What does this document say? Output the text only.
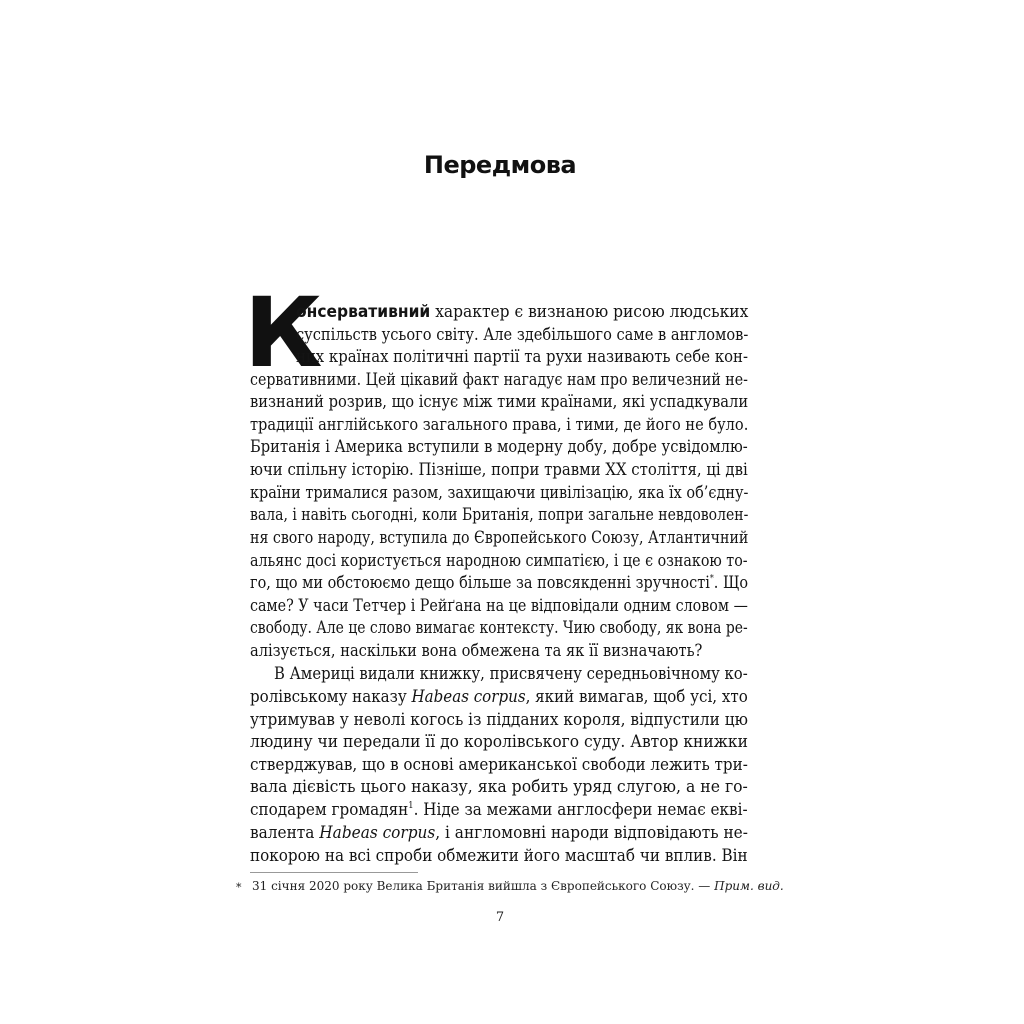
Передмова
К
онсервативний характер є визнаною рисою людських
суспільств усього світу. Але здебільшого саме в англомов-
них країнах політичні партії та рухи називають себе кон-
сервативними. Цей цікавий факт нагадує нам про величезний не-
визнаний розрив, що існує між тими країнами, які успадкували
традиції англійського загального права, і тими, де його не було.
Британія і Америка вступили в модерну добу, добре усвідомлю-
ючи спільну історію. Пізніше, попри травми XX століття, ці дві
країни трималися разом, захищаючи цивілізацію, яка їх об’єдну-
вала, і навіть сьогодні, коли Британія, попри загальне невдоволен-
ня свого народу, вступила до Європейського Союзу, Атлантичний
альянс досі користується народною симпатією, і це є ознакою то-
го, що ми обстоюємо дещо більше за повсякденні зручності*. Що
саме? У часи Тетчер і Рейґана на це відповідали одним словом —
свободу. Але це слово вимагає контексту. Чию свободу, як вона ре-
алізується, наскільки вона обмежена та як її визначають?
В Америці видали книжку, присвячену середньовічному ко-
ролівському наказу Habeas corpus, який вимагав, щоб усі, хто
утримував у неволі когось із підданих короля, відпустили цю
людину чи передали її до королівського суду. Автор книжки
стверджував, що в основі американської свободи лежить три-
вала дієвість цього наказу, яка робить уряд слугою, а не го-
сподарем громадян$^1$. Ніде за межами англосфери немає екві-
валента Habeas corpus, і англомовні народи відповідають не-
* 31 січня 2020 року Велика Британія вийшла з Європейського Союзу. — Прим. вид.
7
покорою на всі спроби обмежити його масштаб чи вплив. Він
